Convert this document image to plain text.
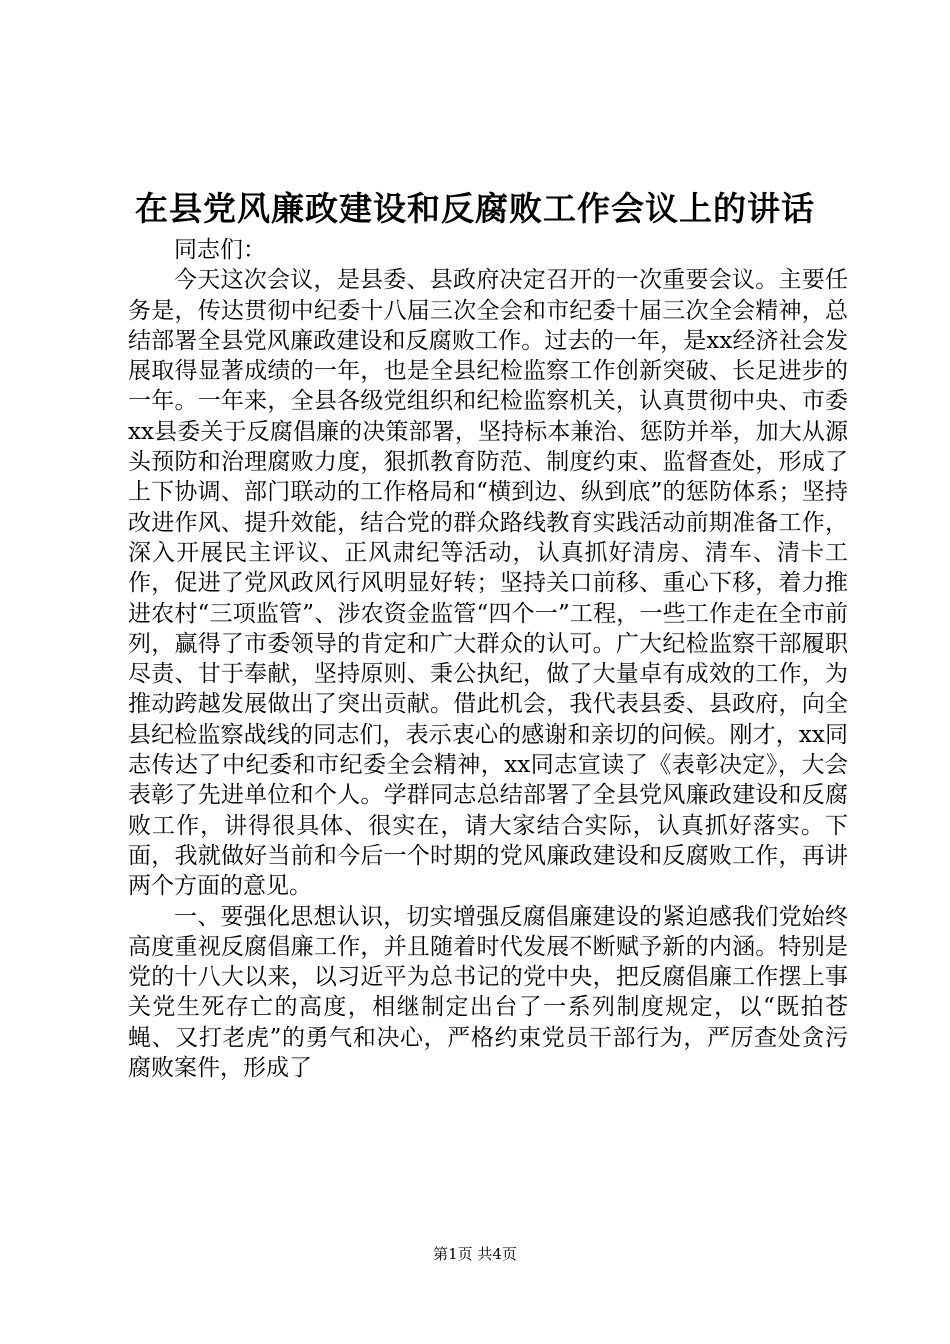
在县党风廉政建设和反腐败工作会议上的讲话

同志们：

今天这次会议，是县委、县政府决定召开的一次重要会议。主要任务是，传达贯彻中纪委十八届三次全会和市纪委十届三次全会精神，总结部署全县党风廉政建设和反腐败工作。过去的一年，是xx经济社会发展取得显著成绩的一年，也是全县纪检监察工作创新突破、长足进步的一年。一年来，全县各级党组织和纪检监察机关，认真贯彻中央、市委xx县委关于反腐倡廉的决策部署，坚持标本兼治、惩防并举，加大从源头预防和治理腐败力度，狠抓教育防范、制度约束、监督查处，形成了上下协调、部门联动的工作格局和“横到边、纵到底”的惩防体系；坚持改进作风、提升效能，结合党的群众路线教育实践活动前期准备工作，深入开展民主评议、正风肃纪等活动，认真抓好清房、清车、清卡工作，促进了党风政风行风明显好转；坚持关口前移、重心下移，着力推进农村“三项监管”、涉农资金监管“四个一”工程，一些工作走在全市前列，赢得了市委领导的肯定和广大群众的认可。广大纪检监察干部履职尽责、甘于奉献，坚持原则、秉公执纪，做了大量卓有成效的工作，为推动跨越发展做出了突出贡献。借此机会，我代表县委、县政府，向全县纪检监察战线的同志们，表示衷心的感谢和亲切的问候。刚才，xx同志传达了中纪委和市纪委全会精神，xx同志宣读了《表彰决定》，大会表彰了先进单位和个人。学群同志总结部署了全县党风廉政建设和反腐败工作，讲得很具体、很实在，请大家结合实际，认真抓好落实。下面，我就做好当前和今后一个时期的党风廉政建设和反腐败工作，再讲两个方面的意见。

一、要强化思想认识，切实增强反腐倡廉建设的紧迫感我们党始终高度重视反腐倡廉工作，并且随着时代发展不断赋予新的内涵。特别是党的十八大以来，以习近平为总书记的党中央，把反腐倡廉工作摆上事关党生死存亡的高度，相继制定出台了一系列制度规定，以“既拍苍蝇、又打老虎”的勇气和决心，严格约束党员干部行为，严厉查处贪污腐败案件，形成了

第1页 共4页
